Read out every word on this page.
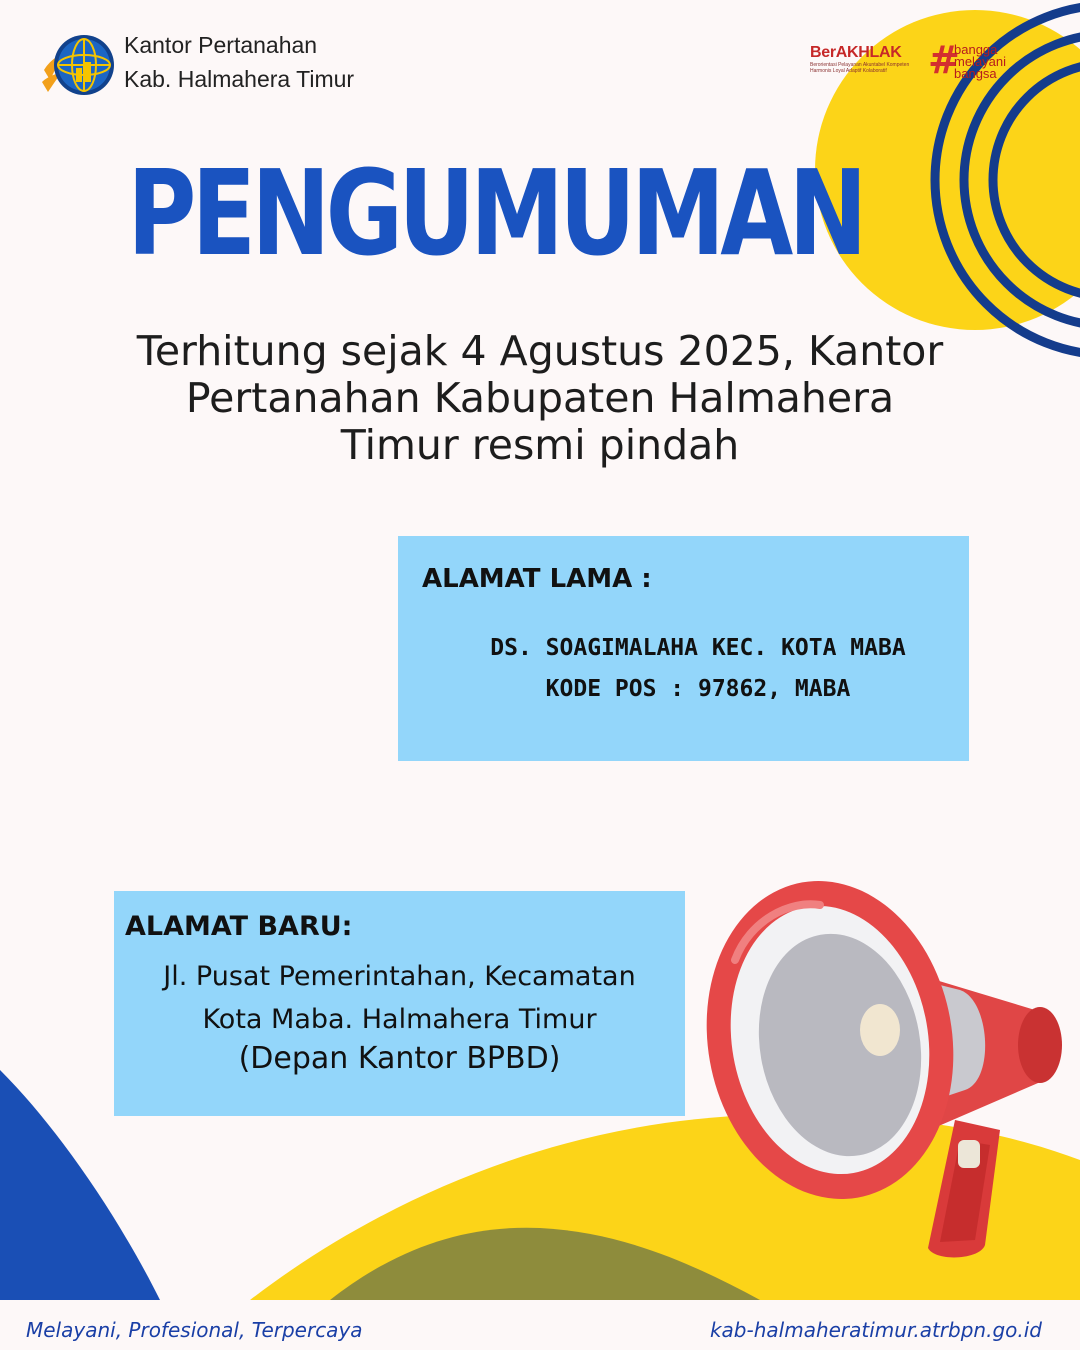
Kantor Pertanahan
Kab. Halmahera Timur
BerAKHLAK
Berorientasi Pelayanan Akuntabel Kompeten
Harmonis Loyal Adaptif Kolaboratif	#
bangga
melayani
bangsa
PENGUMUMAN
Terhitung sejak 4 Agustus 2025, Kantor
Pertanahan Kabupaten Halmahera
Timur resmi pindah
ALAMAT LAMA :
DS. SOAGIMALAHA KEC. KOTA MABA
KODE POS : 97862, MABA
ALAMAT BARU:
Jl. Pusat Pemerintahan, Kecamatan
Kota Maba. Halmahera Timur
(Depan Kantor BPBD)
Melayani, Profesional, Terpercaya	kab-halmaheratimur.atrbpn.go.id
